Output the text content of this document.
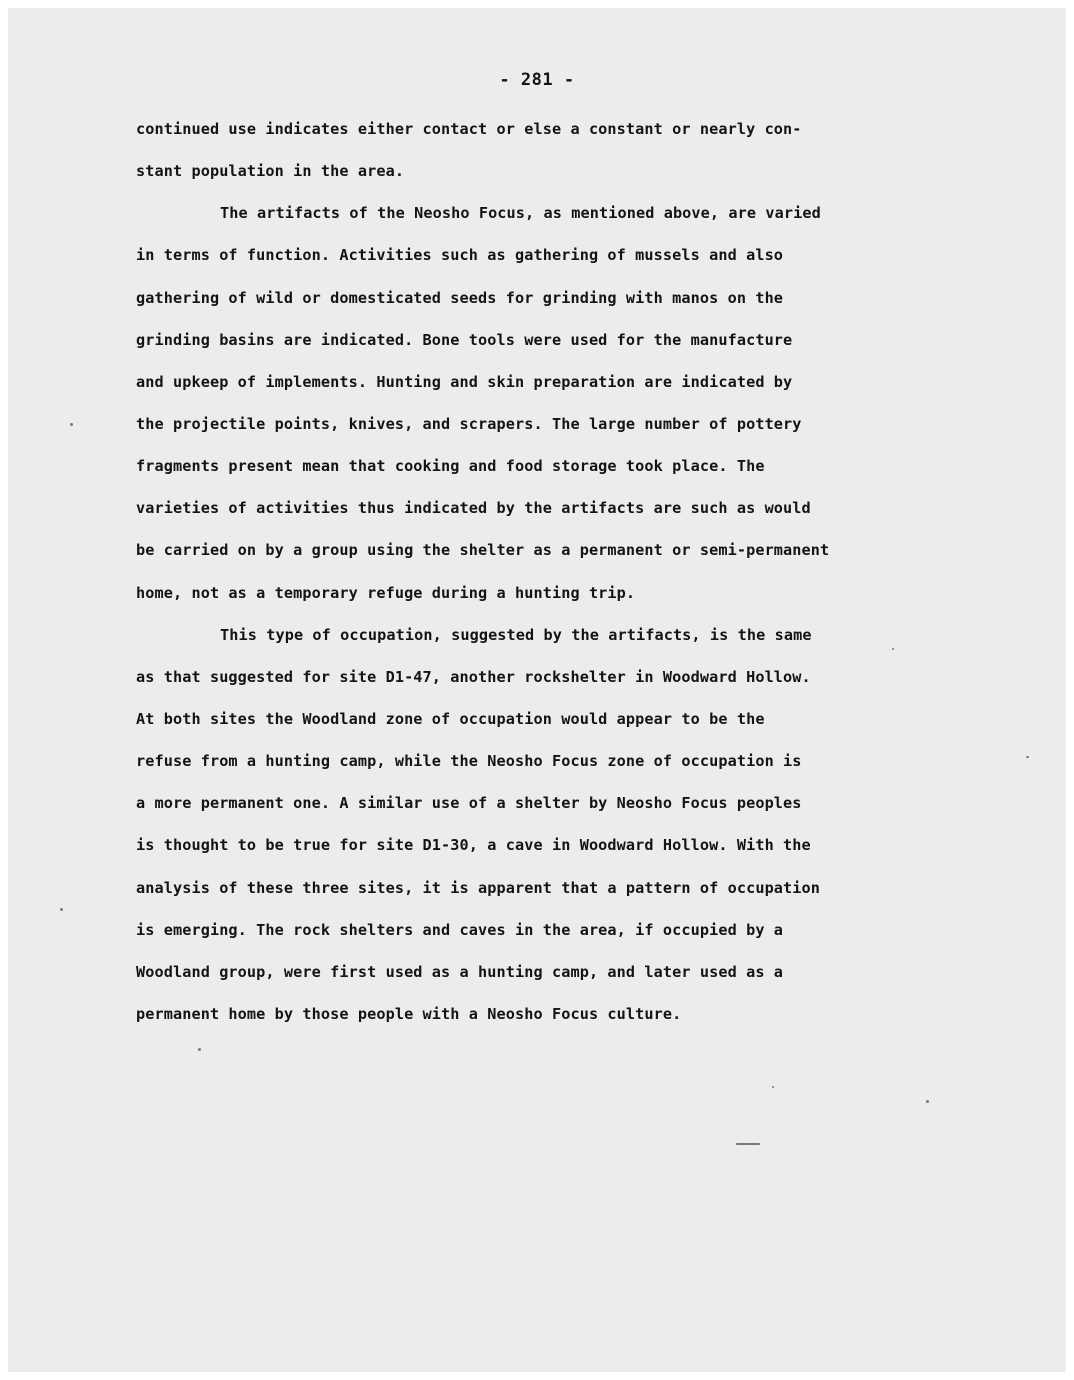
- 281 -
continued use indicates either contact or else a constant or nearly con-
stant population in the area.
The artifacts of the Neosho Focus, as mentioned above, are varied
in terms of function. Activities such as gathering of mussels and also
gathering of wild or domesticated seeds for grinding with manos on the
grinding basins are indicated. Bone tools were used for the manufacture
and upkeep of implements. Hunting and skin preparation are indicated by
the projectile points, knives, and scrapers. The large number of pottery
fragments present mean that cooking and food storage took place. The
varieties of activities thus indicated by the artifacts are such as would
be carried on by a group using the shelter as a permanent or semi-permanent
home, not as a temporary refuge during a hunting trip.
This type of occupation, suggested by the artifacts, is the same
as that suggested for site D1-47, another rockshelter in Woodward Hollow.
At both sites the Woodland zone of occupation would appear to be the
refuse from a hunting camp, while the Neosho Focus zone of occupation is
a more permanent one. A similar use of a shelter by Neosho Focus peoples
is thought to be true for site D1-30, a cave in Woodward Hollow. With the
analysis of these three sites, it is apparent that a pattern of occupation
is emerging. The rock shelters and caves in the area, if occupied by a
Woodland group, were first used as a hunting camp, and later used as a
permanent home by those people with a Neosho Focus culture.
